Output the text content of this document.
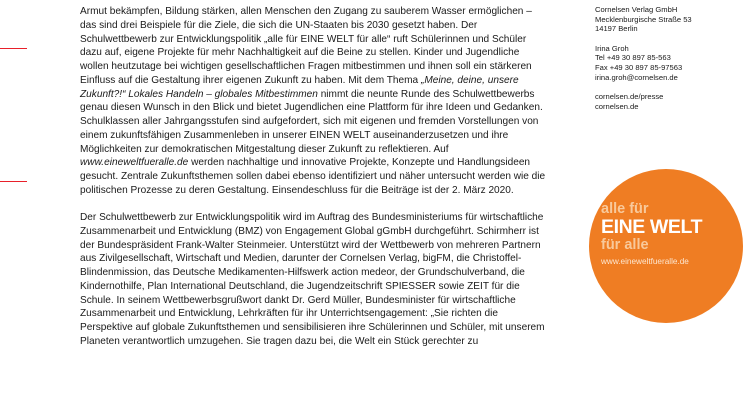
Armut bekämpfen, Bildung stärken, allen Menschen den Zugang zu sauberem Wasser ermöglichen – das sind drei Beispiele für die Ziele, die sich die UN-Staaten bis 2030 gesetzt haben. Der Schulwettbewerb zur Entwicklungspolitik „alle für EINE WELT für alle“ ruft Schülerinnen und Schüler dazu auf, eigene Projekte für mehr Nachhaltigkeit auf die Beine zu stellen. Kinder und Jugendliche wollen heutzutage bei wichtigen gesellschaftlichen Fragen mitbestimmen und ihnen soll ein stärkeren Einfluss auf die Gestaltung ihrer eigenen Zukunft zu haben. Mit dem Thema „Meine, deine, unsere Zukunft?!“ Lokales Handeln – globales Mitbestimmen nimmt die neunte Runde des Schulwettbewerbs genau diesen Wunsch in den Blick und bietet Jugendlichen eine Plattform für ihre Ideen und Gedanken. Schulklassen aller Jahrgangsstufen sind aufgefordert, sich mit eigenen und fremden Vorstellungen von einem zukunftsfähigen Zusammenleben in unserer EINEN WELT auseinanderzusetzen und ihre Möglichkeiten zur demokratischen Mitgestaltung dieser Zukunft zu reflektieren. Auf www.eineweltfueralle.de werden nachhaltige und innovative Projekte, Konzepte und Handlungsideen gesucht. Zentrale Zukunftsthemen sollen dabei ebenso identifiziert und näher untersucht werden wie die politischen Prozesse zu deren Gestaltung. Einsendeschluss für die Beiträge ist der 2. März 2020.

Der Schulwettbewerb zur Entwicklungspolitik wird im Auftrag des Bundesministeriums für wirtschaftliche Zusammenarbeit und Entwicklung (BMZ) von Engagement Global gGmbH durchgeführt. Schirmherr ist der Bundespräsident Frank-Walter Steinmeier. Unterstützt wird der Wettbewerb von mehreren Partnern aus Zivilgesellschaft, Wirtschaft und Medien, darunter der Cornelsen Verlag, bigFM, die Christoffel-Blindenmission, das Deutsche Medikamenten-Hilfswerk action medeor, der Grundschulverband, die Kindernothilfe, Plan International Deutschland, die Jugendzeitschrift SPIESSER sowie ZEIT für die Schule. In seinem Wettbewerbsgrußwort dankt Dr. Gerd Müller, Bundesminister für wirtschaftliche Zusammenarbeit und Entwicklung, Lehrkräften für ihr Unterrichtsengagement: „Sie richten die Perspektive auf globale Zukunftsthemen und sensibilisieren ihre Schülerinnen und Schüler, mit unserem Planeten verantwortlich umzugehen. Sie tragen dazu bei, die Welt ein Stück gerechter zu

Cornelsen Verlag GmbH
Mecklenburgische Straße 53
14197 Berlin
Irina Groh
Tel +49 30 897 85-563
Fax +49 30 897 85-97563
irina.groh@cornelsen.de
cornelsen.de/presse
cornelsen.de
alle für
EINE WELT
für alle
www.eineweltfueralle.de
